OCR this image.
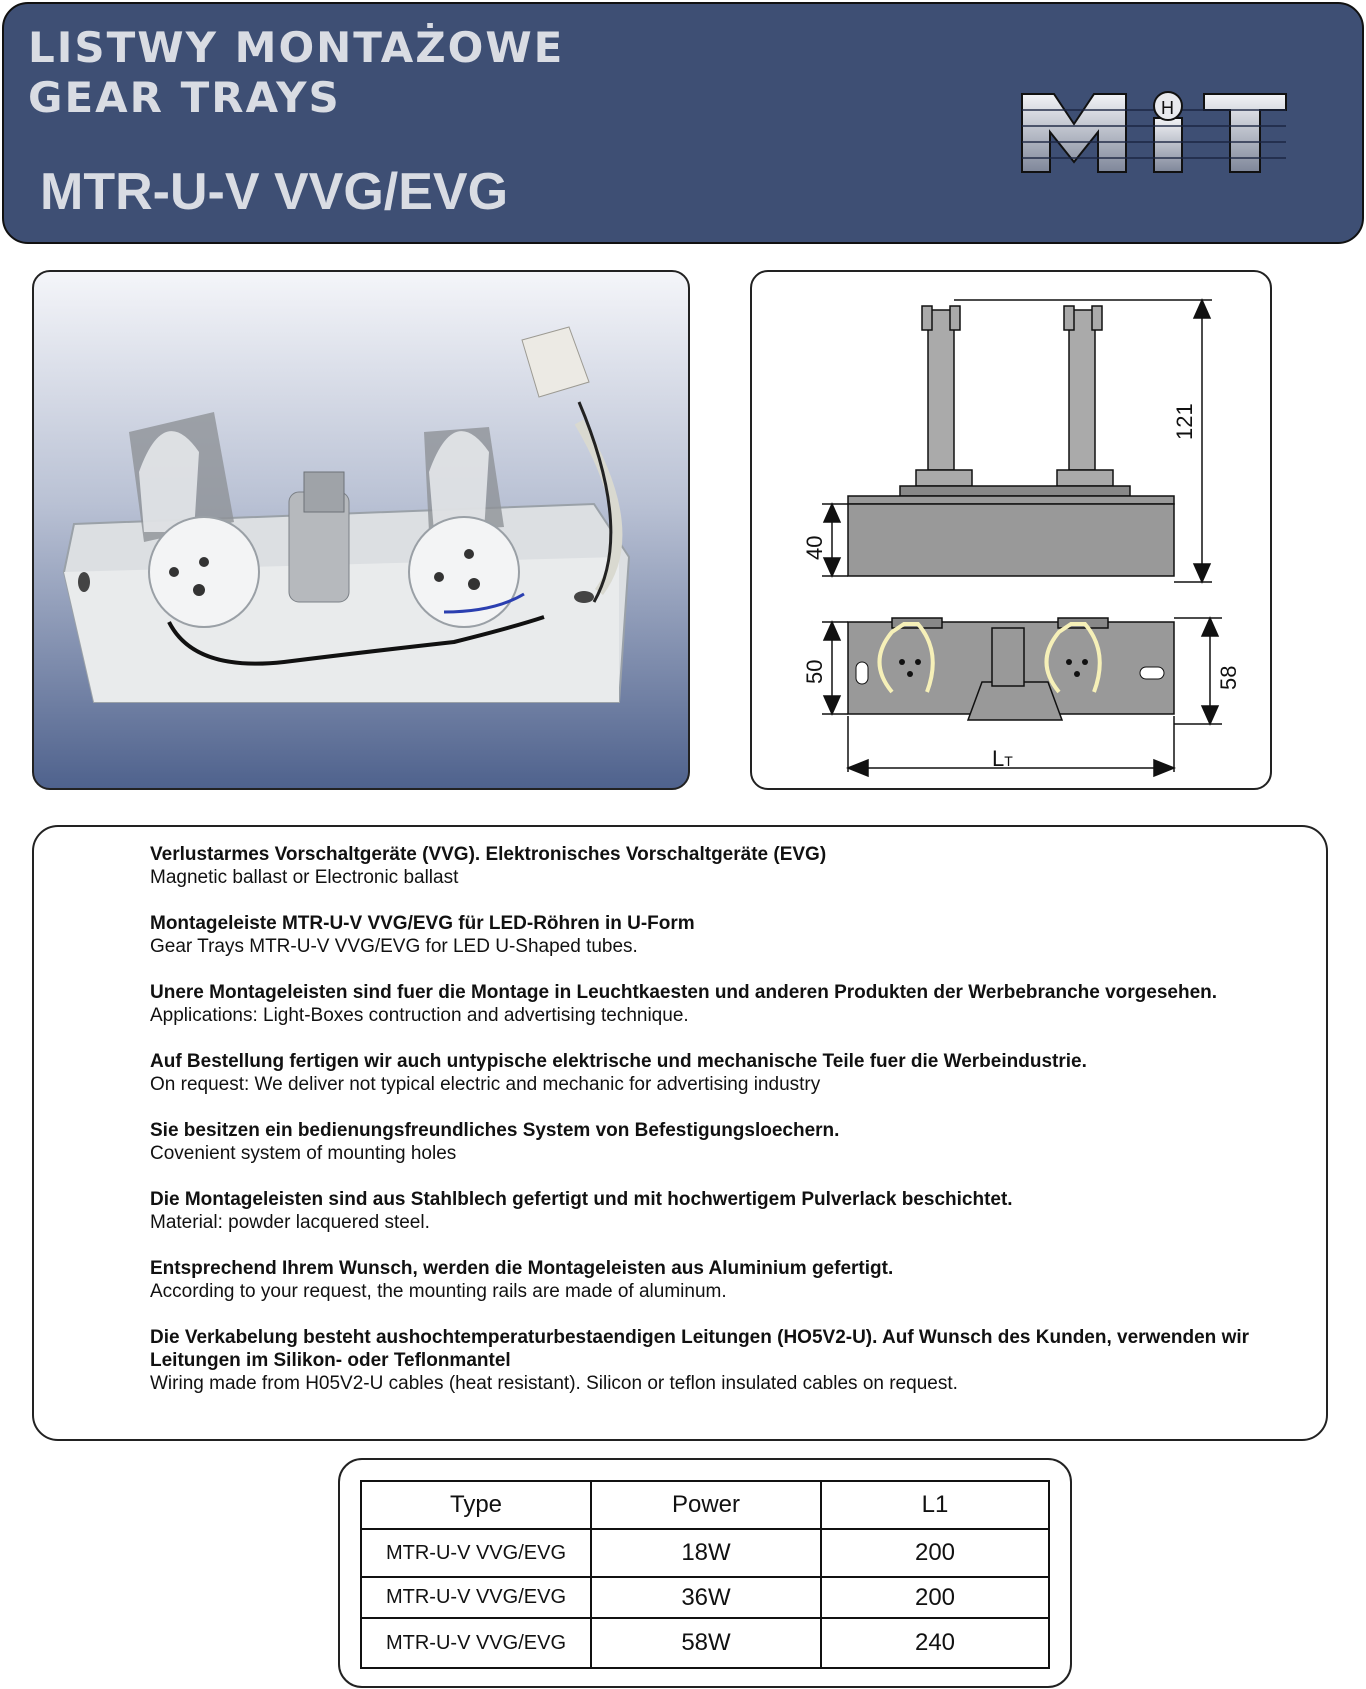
LISTWY MONTAŻOWE
GEAR TRAYS
MTR-U-V VVG/EVG
H
121
40
50	58
LT
Verlustarmes Vorschaltgeräte (VVG). Elektronisches Vorschaltgeräte (EVG)
Magnetic ballast or Electronic ballast
Montageleiste MTR-U-V VVG/EVG für LED-Röhren in U-Form
Gear Trays MTR-U-V VVG/EVG for LED U-Shaped tubes.
Unere Montageleisten sind fuer die Montage in Leuchtkaesten und anderen Produkten der Werbebranche vorgesehen.
Applications: Light-Boxes contruction and advertising technique.
Auf Bestellung fertigen wir auch untypische elektrische und mechanische Teile fuer die Werbeindustrie.
On request: We deliver not typical electric and mechanic for advertising industry
Sie besitzen ein bedienungsfreundliches System von Befestigungsloechern.
Covenient system of mounting holes
Die Montageleisten sind aus Stahlblech gefertigt und mit hochwertigem Pulverlack beschichtet.
Material: powder lacquered steel.
Entsprechend Ihrem Wunsch, werden die Montageleisten aus Aluminium gefertigt.
According to your request, the mounting rails are made of aluminum.
Die Verkabelung besteht aushochtemperaturbestaendigen Leitungen (HO5V2-U). Auf Wunsch des Kunden, verwenden wir Leitungen im Silikon- oder Teflonmantel
Wiring made from H05V2-U cables (heat resistant). Silicon or teflon insulated cables on request.
Type	Power	L1
MTR-U-V VVG/EVG	18W	200
MTR-U-V VVG/EVG	36W	200
MTR-U-V VVG/EVG	58W	240
